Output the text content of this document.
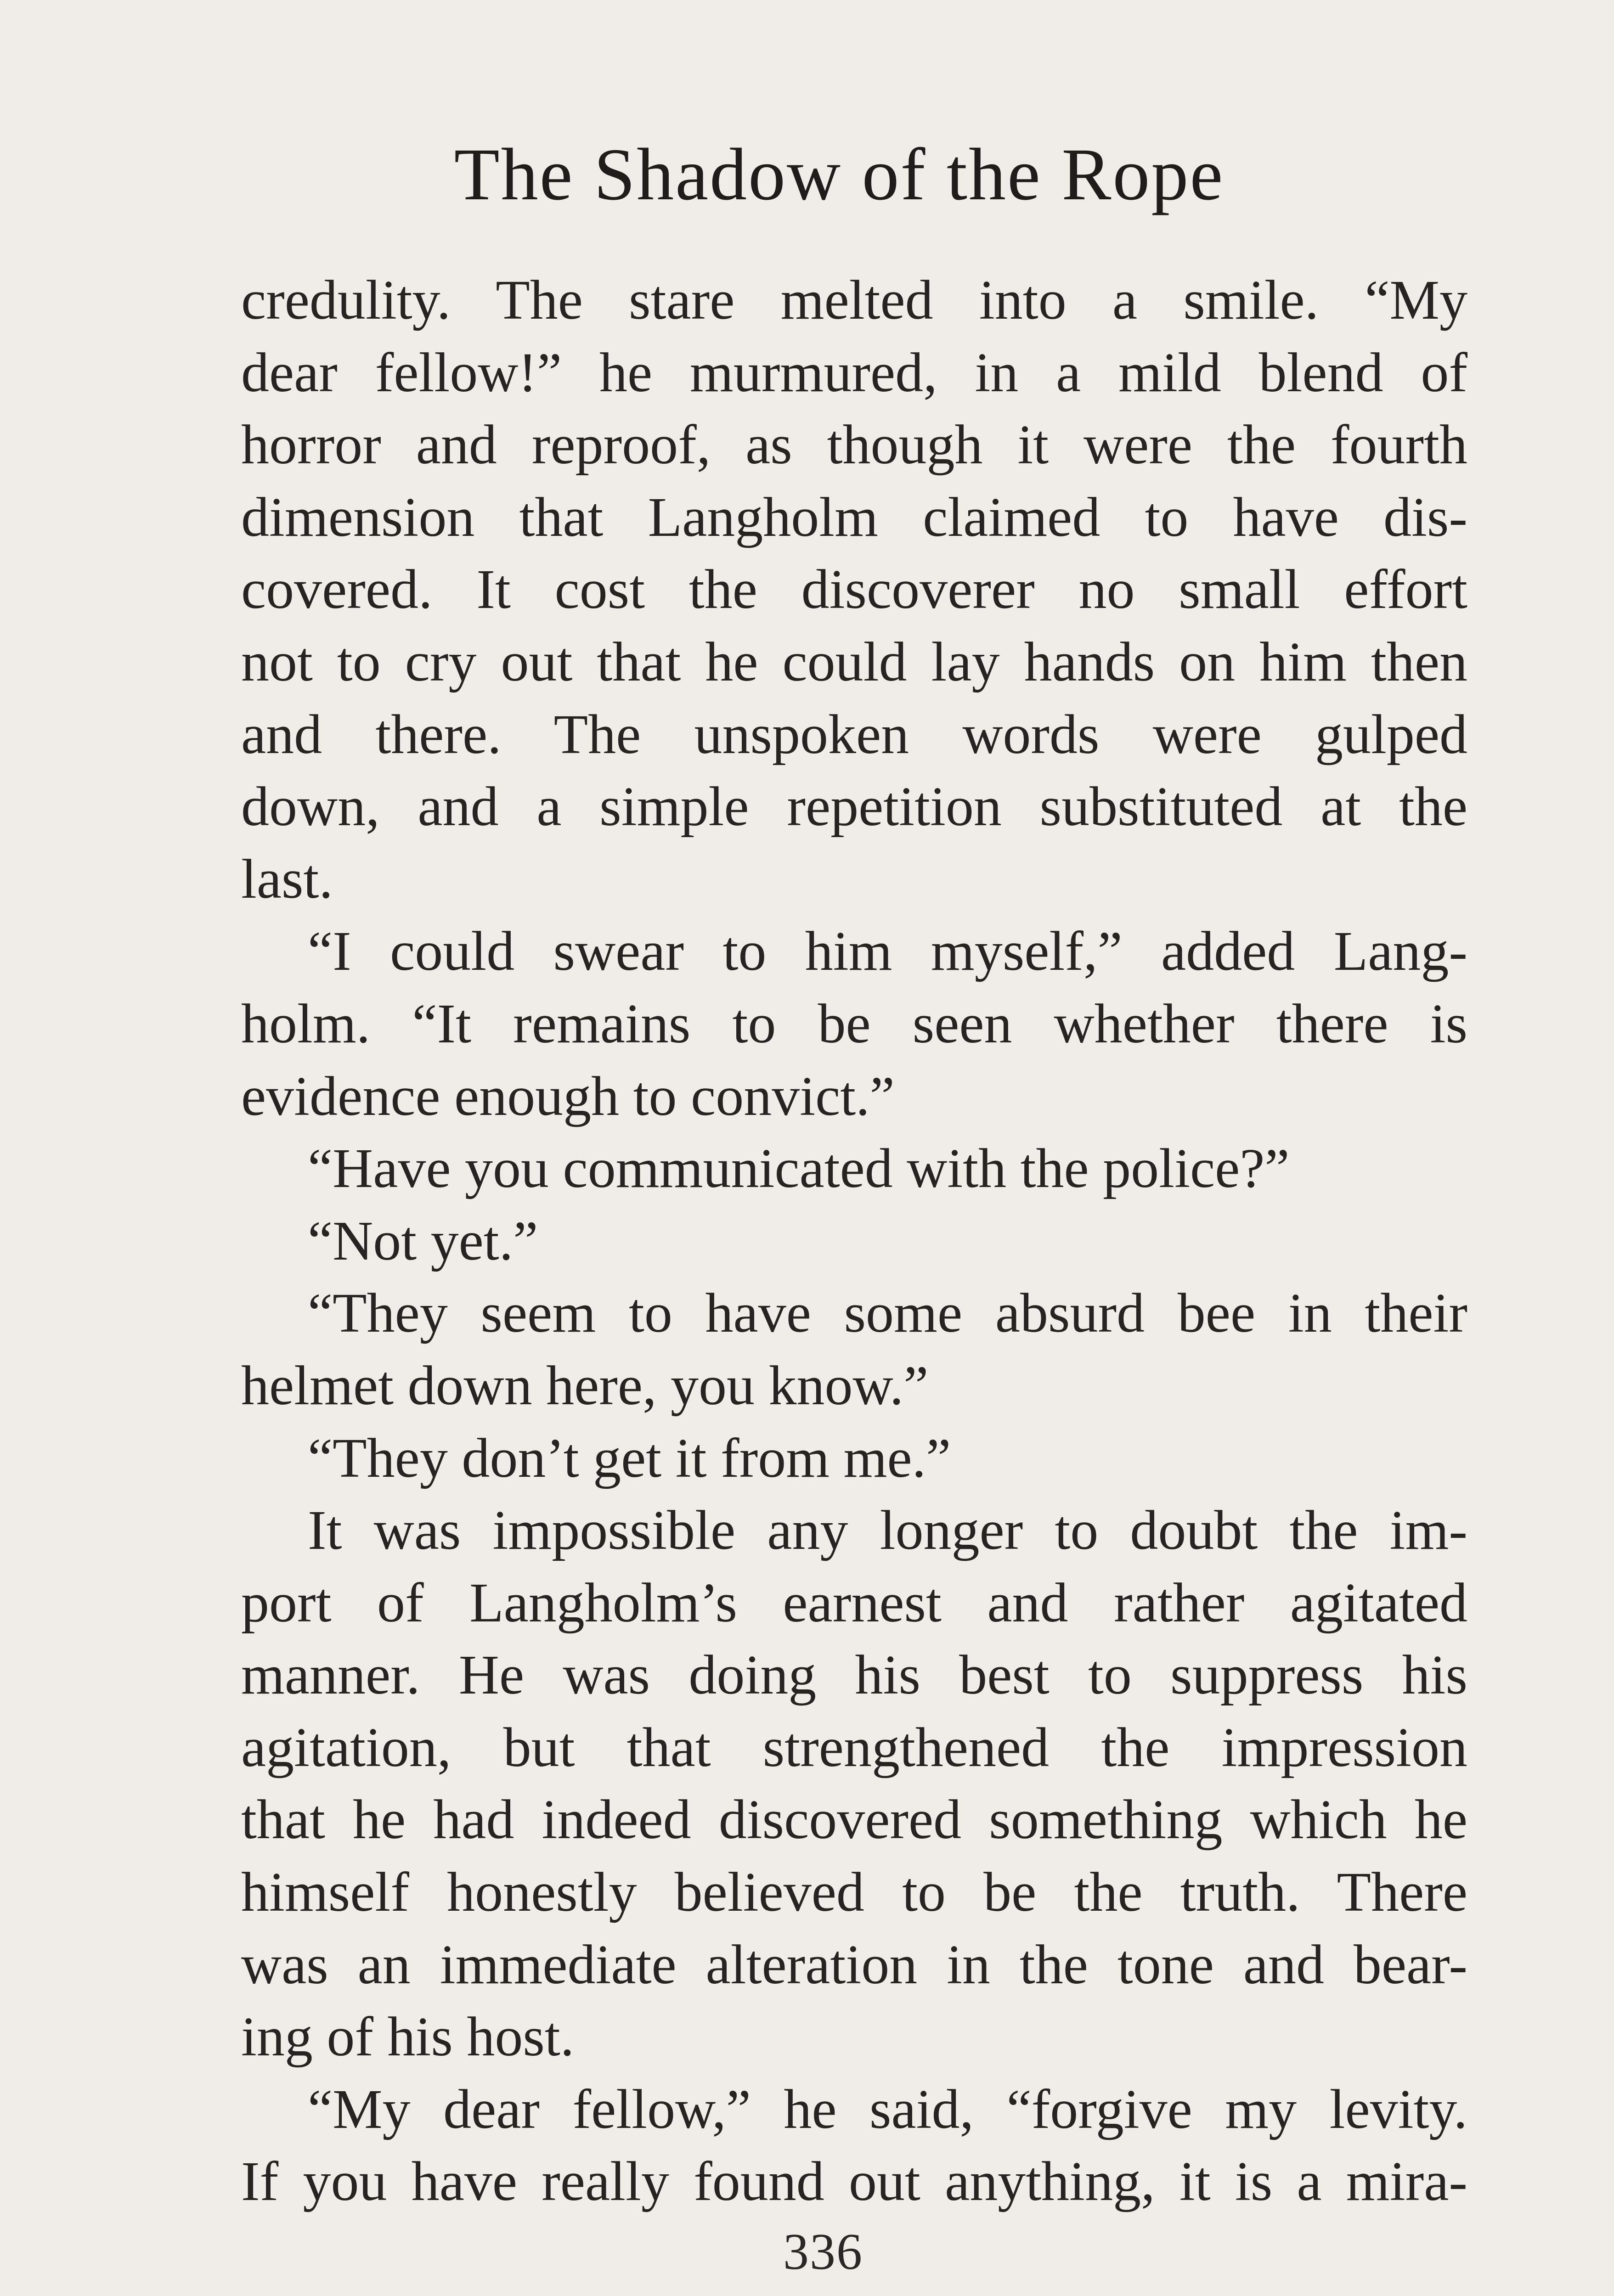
The Shadow of the Rope
credulity. The stare melted into a smile. “My
dear fellow!” he murmured, in a mild blend of
horror and reproof, as though it were the fourth
dimension that Langholm claimed to have dis-
covered. It cost the discoverer no small effort
not to cry out that he could lay hands on him then
and there. The unspoken words were gulped
down, and a simple repetition substituted at the
last.
“I could swear to him myself,” added Lang-
holm. “It remains to be seen whether there is
evidence enough to convict.”
“Have you communicated with the police?”
“Not yet.”
“They seem to have some absurd bee in their
helmet down here, you know.”
“They don’t get it from me.”
It was impossible any longer to doubt the im-
port of Langholm’s earnest and rather agitated
manner. He was doing his best to suppress his
agitation, but that strengthened the impression
that he had indeed discovered something which he
himself honestly believed to be the truth. There
was an immediate alteration in the tone and bear-
ing of his host.
“My dear fellow,” he said, “forgive my levity.
If you have really found out anything, it is a mira-
336
